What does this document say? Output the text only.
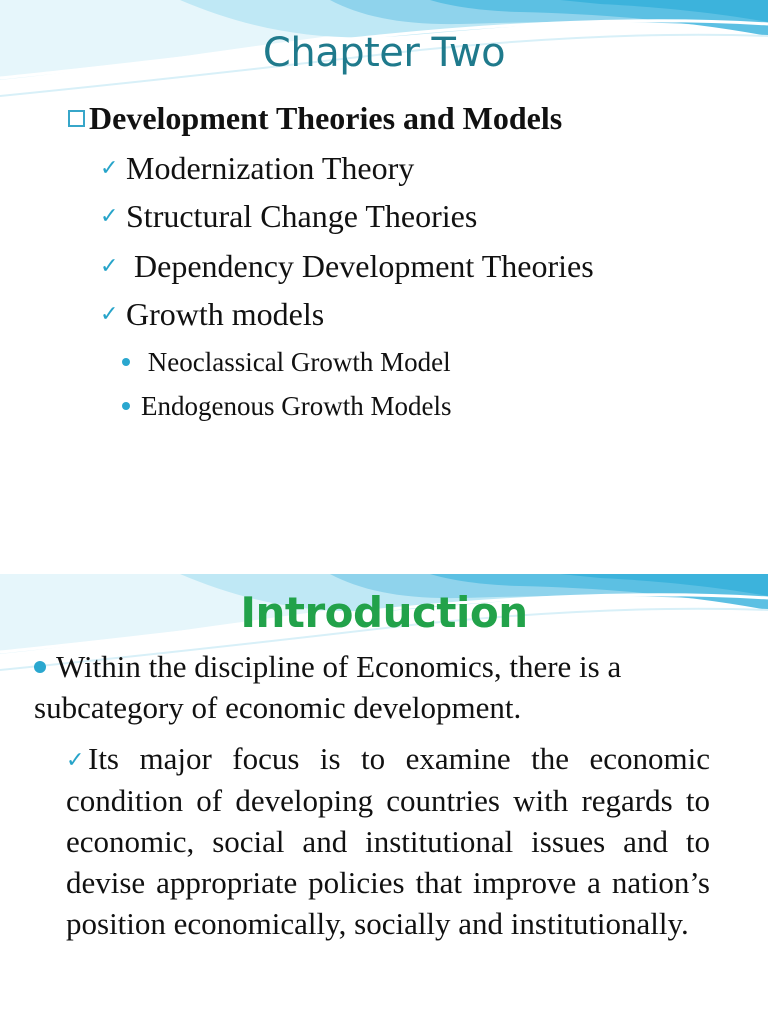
Chapter Two
Development Theories and Models
✓ Modernization Theory
✓ Structural Change Theories
✓ Dependency Development Theories
✓ Growth models
Neoclassical Growth Model
Endogenous Growth Models
Introduction
Within the discipline of Economics, there is a subcategory of economic development.
✓ Its major focus is to examine the economic condition of developing countries with regards to economic, social and institutional issues and to devise appropriate policies that improve a nation’s position economically, socially and institutionally.
